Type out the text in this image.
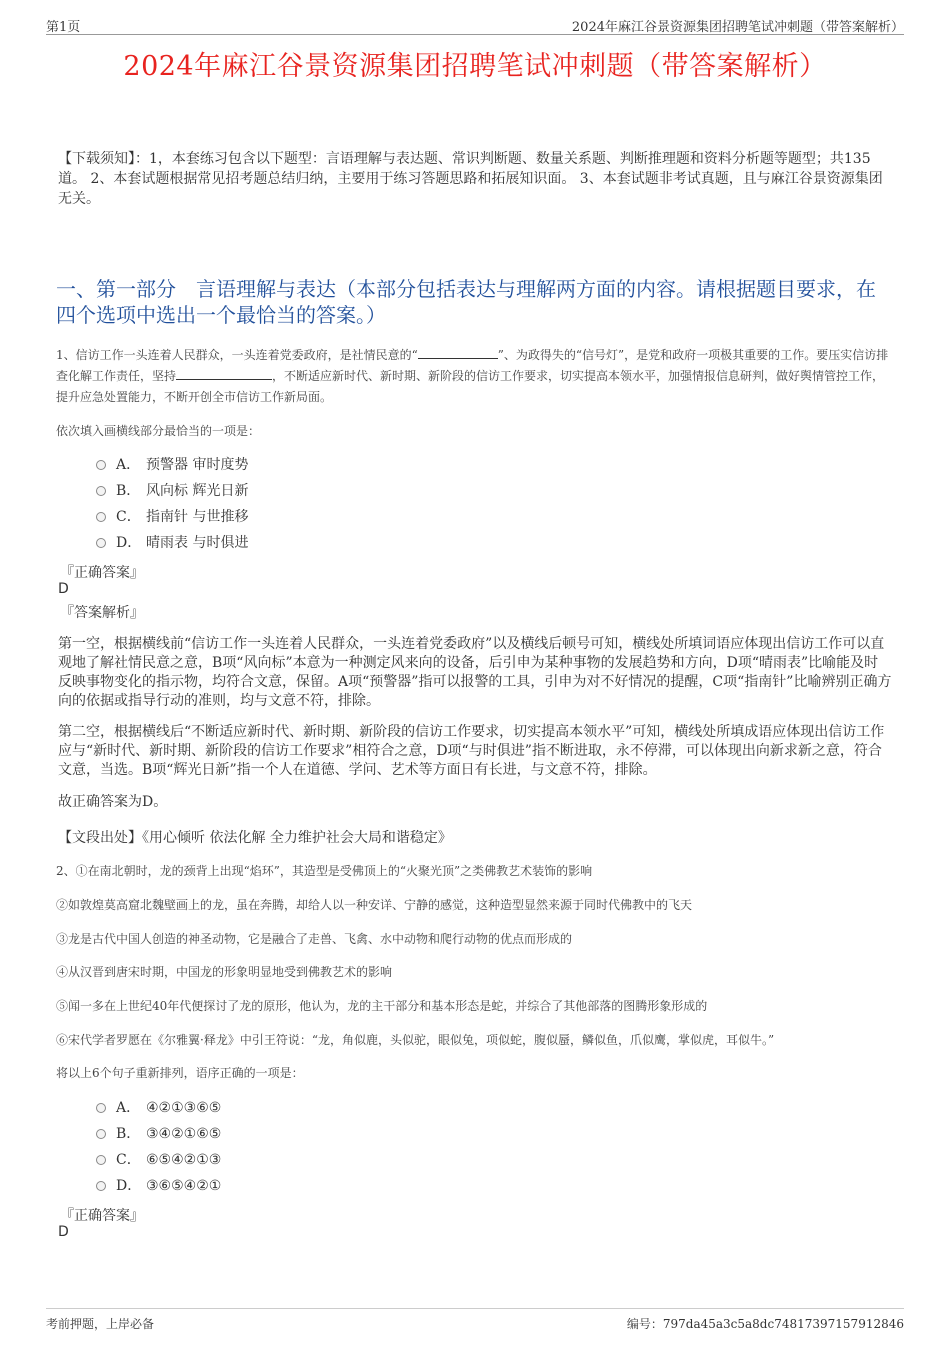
第1页	2024年麻江谷景资源集团招聘笔试冲刺题（带答案解析）
2024年麻江谷景资源集团招聘笔试冲刺题（带答案解析）
【下载须知】：1，本套练习包含以下题型：言语理解与表达题、常识判断题、数量关系题、判断推理题和资料分析题等题型；共135道。 2、本套试题根据常见招考题总结归纳，主要用于练习答题思路和拓展知识面。 3、本套试题非考试真题，且与麻江谷景资源集团无关。
一、第一部分　言语理解与表达（本部分包括表达与理解两方面的内容。请根据题目要求，在四个选项中选出一个最恰当的答案。）
1、信访工作一头连着人民群众，一头连着党委政府，是社情民意的“	”、为政得失的“信号灯”，是党和政府一项极其重要的工作。要压实信访排查化解工作责任，坚持	，不断适应新时代、新时期、新阶段的信访工作要求，切实提高本领水平，加强情报信息研判，做好舆情管控工作，提升应急处置能力，不断开创全市信访工作新局面。
依次填入画横线部分最恰当的一项是：
A． 预警器 审时度势
B． 风向标 辉光日新
C． 指南针 与世推移
D． 晴雨表 与时俱进
『正确答案』
D
『答案解析』
第一空，根据横线前“信访工作一头连着人民群众，一头连着党委政府”以及横线后顿号可知，横线处所填词语应体现出信访工作可以直观地了解社情民意之意，B项“风向标”本意为一种测定风来向的设备，后引申为某种事物的发展趋势和方向，D项“晴雨表”比喻能及时反映事物变化的指示物，均符合文意，保留。A项“预警器”指可以报警的工具，引申为对不好情况的提醒，C项“指南针”比喻辨别正确方向的依据或指导行动的准则，均与文意不符，排除。
第二空，根据横线后“不断适应新时代、新时期、新阶段的信访工作要求，切实提高本领水平”可知，横线处所填成语应体现出信访工作应与“新时代、新时期、新阶段的信访工作要求”相符合之意，D项“与时俱进”指不断进取，永不停滞，可以体现出向新求新之意，符合文意，当选。B项“辉光日新”指一个人在道德、学问、艺术等方面日有长进，与文意不符，排除。
故正确答案为D。
【文段出处】《用心倾听 依法化解 全力维护社会大局和谐稳定》
2、①在南北朝时，龙的颈背上出现“焰环”，其造型是受佛顶上的“火聚光顶”之类佛教艺术装饰的影响
②如敦煌莫高窟北魏壁画上的龙，虽在奔腾，却给人以一种安详、宁静的感觉，这种造型显然来源于同时代佛教中的飞天
③龙是古代中国人创造的神圣动物，它是融合了走兽、飞禽、水中动物和爬行动物的优点而形成的
④从汉晋到唐宋时期，中国龙的形象明显地受到佛教艺术的影响
⑤闻一多在上世纪40年代便探讨了龙的原形，他认为，龙的主干部分和基本形态是蛇，并综合了其他部落的图腾形象形成的
⑥宋代学者罗愿在《尔雅翼·释龙》中引王符说：“龙，角似鹿，头似驼，眼似兔，项似蛇，腹似蜃，鳞似鱼，爪似鹰，掌似虎，耳似牛。”
将以上6个句子重新排列，语序正确的一项是：
A． ④②①③⑥⑤
B． ③④②①⑥⑤
C． ⑥⑤④②①③
D． ③⑥⑤④②①
『正确答案』
D
考前押题，上岸必备	编号：797da45a3c5a8dc74817397157912846
